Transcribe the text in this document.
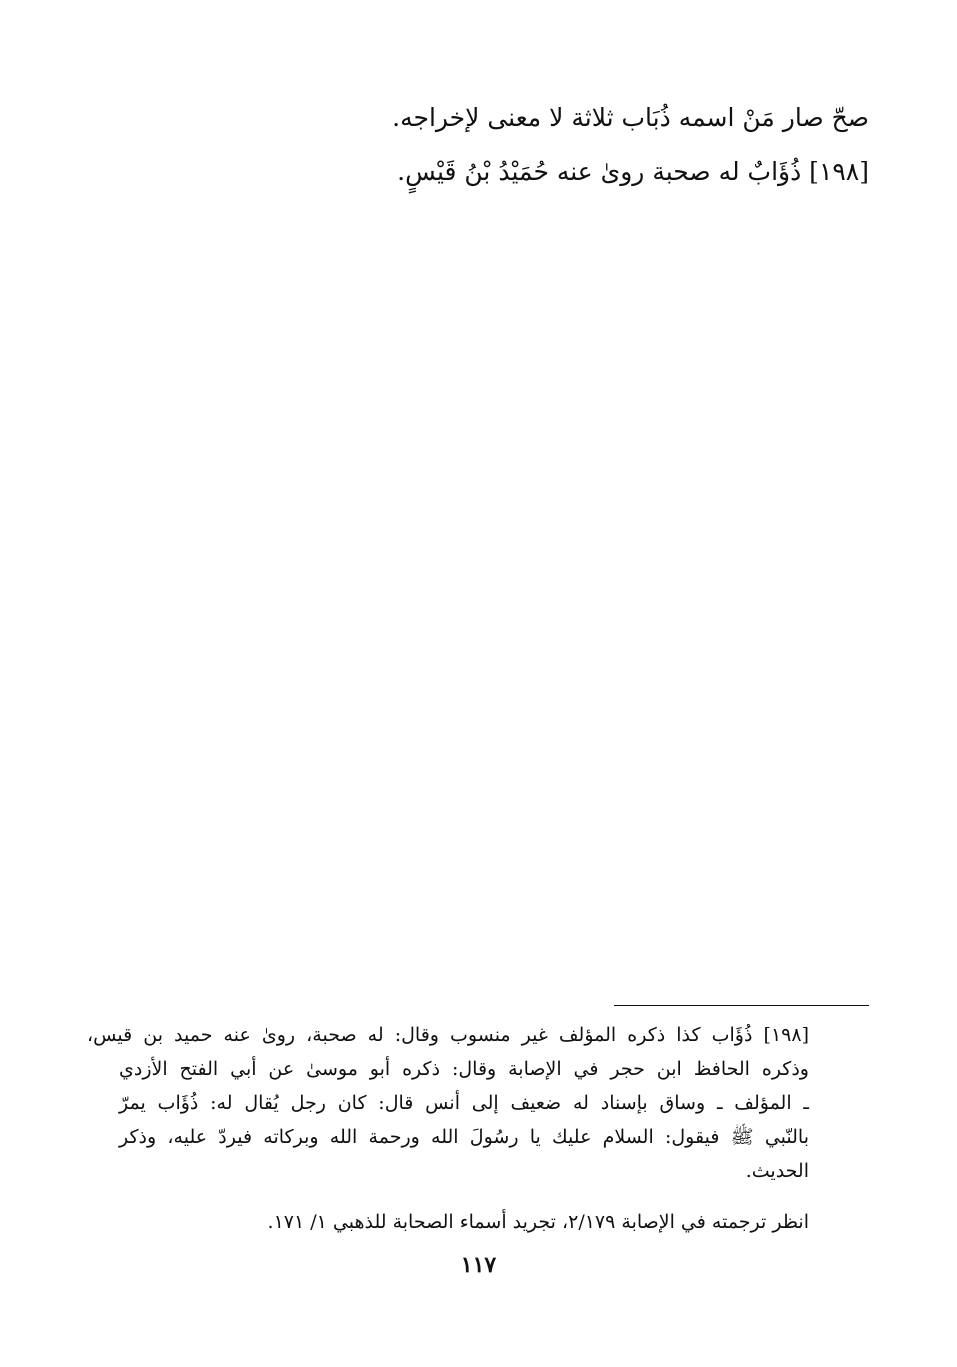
صحّ صار مَنْ اسمه ذُبَاب ثلاثة لا معنى لإخراجه.
[١٩٨] ذُؤَابٌ له صحبة روىٰ عنه حُمَيْدُ بْنُ قَيْسٍ.
[١٩٨] ذُؤَاب كذا ذكره المؤلف غير منسوب وقال: له صحبة، روىٰ عنه حميد بن قيس،
وذكره الحافظ ابن حجر في الإصابة وقال: ذكره أبو موسىٰ عن أبي الفتح الأزدي
ـ المؤلف ـ وساق بإسناد له ضعيف إلى أنس قال: كان رجل يُقال له: ذُؤَاب يمرّ
بالنّبي ﷺ فيقول: السلام عليك يا رسُولَ الله ورحمة الله وبركاته فيردّ عليه، وذكر
الحديث.
انظر ترجمته في الإصابة ٢/١٧٩، تجريد أسماء الصحابة للذهبي ١/ ١٧١.
١١٧
